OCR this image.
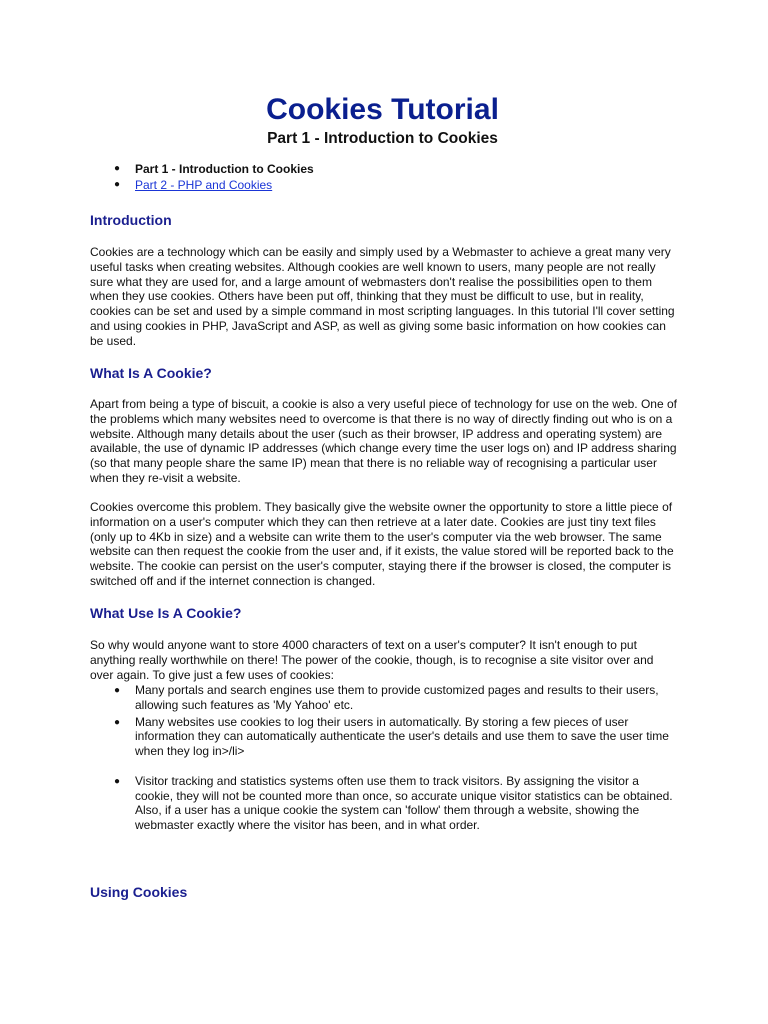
Cookies Tutorial
Part 1 - Introduction to Cookies
● Part 1 - Introduction to Cookies
● Part 2 - PHP and Cookies
Introduction

Cookies are a technology which can be easily and simply used by a Webmaster to achieve a great many very useful tasks when creating websites. Although cookies are well known to users, many people are not really sure what they are used for, and a large amount of webmasters don't realise the possibilities open to them when they use cookies. Others have been put off, thinking that they must be difficult to use, but in reality, cookies can be set and used by a simple command in most scripting languages. In this tutorial I'll cover setting and using cookies in PHP, JavaScript and ASP, as well as giving some basic information on how cookies can be used.

What Is A Cookie?

Apart from being a type of biscuit, a cookie is also a very useful piece of technology for use on the web. One of the problems which many websites need to overcome is that there is no way of directly finding out who is on a website. Although many details about the user (such as their browser, IP address and operating system) are available, the use of dynamic IP addresses (which change every time the user logs on) and IP address sharing (so that many people share the same IP) mean that there is no reliable way of recognising a particular user when they re-visit a website.

Cookies overcome this problem. They basically give the website owner the opportunity to store a little piece of information on a user's computer which they can then retrieve at a later date. Cookies are just tiny text files (only up to 4Kb in size) and a website can write them to the user's computer via the web browser. The same website can then request the cookie from the user and, if it exists, the value stored will be reported back to the website. The cookie can persist on the user's computer, staying there if the browser is closed, the computer is switched off and if the internet connection is changed.

What Use Is A Cookie?

So why would anyone want to store 4000 characters of text on a user's computer? It isn't enough to put anything really worthwhile on there! The power of the cookie, though, is to recognise a site visitor over and over again. To give just a few uses of cookies:

● Many portals and search engines use them to provide customized pages and results to their users, allowing such features as 'My Yahoo' etc.
● Many websites use cookies to log their users in automatically. By storing a few pieces of user information they can automatically authenticate the user's details and use them to save the user time when they log in>/li>
● Visitor tracking and statistics systems often use them to track visitors. By assigning the visitor a cookie, they will not be counted more than once, so accurate unique visitor statistics can be obtained. Also, if a user has a unique cookie the system can 'follow' them through a website, showing the webmaster exactly where the visitor has been, and in what order.
Using Cookies
